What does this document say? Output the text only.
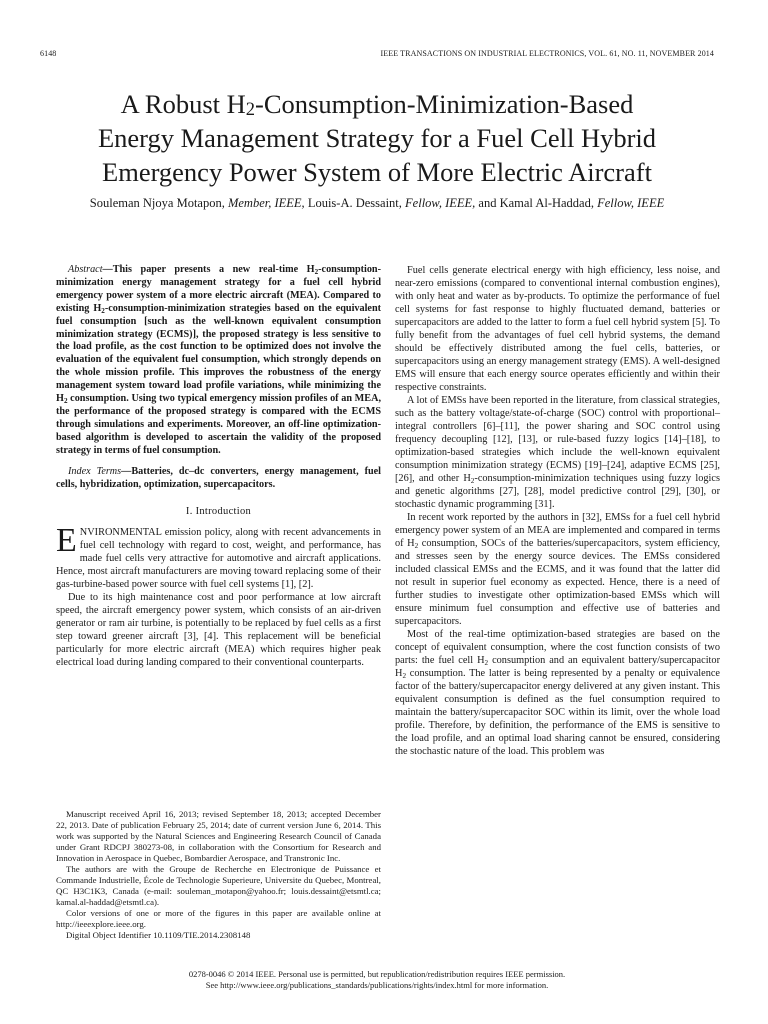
6148	IEEE TRANSACTIONS ON INDUSTRIAL ELECTRONICS, VOL. 61, NO. 11, NOVEMBER 2014
A Robust $H_2-Consumption-Minimization$-Based
Energy Management Strategy for a Fuel Cell Hybrid
Emergency Power System of More Electric Aircraft
Souleman Njoya Motapon, Member, IEEE, Louis-A. Dessaint, Fellow, IEEE, and Kamal Al-Haddad, Fellow, IEEE

Abstract—This paper presents a new real-time $H_2-consumption$-minimization energy management strategy for a fuel cell hybrid emergency power system of a more electric aircraft (MEA). Compared to existing $H_2-consumption$-minimization strategies based on the equivalent fuel consumption [such as the well-known equivalent consumption minimization strategy (ECMS)], the proposed strategy is less sensitive to the load profile, as the cost function to be optimized does not involve the evaluation of the equivalent fuel consumption, which strongly depends on the whole mission profile. This improves the robustness of the energy management system toward load profile variations, while minimizing the $H_2$ consumption. Using two typical emergency mission profiles of an MEA, the performance of the proposed strategy is compared with the ECMS through simulations and experiments. Moreover, an off-line optimization-based algorithm is developed to ascertain the validity of the proposed strategy in terms of fuel consumption.

Index Terms—Batteries, dc–dc converters, energy management, fuel cells, hybridization, optimization, supercapacitors.

I. Introduction

ENVIRONMENTAL emission policy, along with recent advancements in fuel cell technology with regard to cost, weight, and performance, has made fuel cells very attractive for automotive and aircraft applications. Hence, most aircraft manufacturers are moving toward replacing some of their gas-turbine-based power source with fuel cell systems [1], [2].

Due to its high maintenance cost and poor performance at low aircraft speed, the aircraft emergency power system, which consists of an air-driven generator or ram air turbine, is potentially to be replaced by fuel cells as a first step toward greener aircraft [3], [4]. This replacement will be beneficial particularly for more electric aircraft (MEA) which requires higher peak electrical load during landing compared to their conventional counterparts.

Manuscript received April 16, 2013; revised September 18, 2013; accepted December 22, 2013. Date of publication February 25, 2014; date of current version June 6, 2014. This work was supported by the Natural Sciences and Engineering Research Council of Canada under Grant RDCPJ 380273-08, in collaboration with the Consortium for Research and Innovation in Aerospace in Quebec, Bombardier Aerospace, and Transtronic Inc.

The authors are with the Groupe de Recherche en Electronique de Puissance et Commande Industrielle, École de Technologie Superieure, Universite du Quebec, Montreal, QC H3C1K3, Canada (e-mail: souleman_motapon@yahoo.fr; louis.dessaint@etsmtl.ca; kamal.al-haddad@etsmtl.ca).

Color versions of one or more of the figures in this paper are available online at http://ieeexplore.ieee.org.

Digital Object Identifier 10.1109/TIE.2014.2308148

Fuel cells generate electrical energy with high efficiency, less noise, and near-zero emissions (compared to conventional internal combustion engines), with only heat and water as by-products. To optimize the performance of fuel cell systems for fast response to highly fluctuated demand, batteries or supercapacitors are added to the latter to form a fuel cell hybrid system [5]. To fully benefit from the advantages of fuel cell hybrid systems, the demand should be effectively distributed among the fuel cells, batteries, or supercapacitors using an energy management strategy (EMS). A well-designed EMS will ensure that each energy source operates efficiently and within their respective constraints.

A lot of EMSs have been reported in the literature, from classical strategies, such as the battery voltage/state-of-charge (SOC) control with proportional–integral controllers [6]–[11], the power sharing and SOC control using frequency decoupling [12], [13], or rule-based fuzzy logics [14]–[18], to optimization-based strategies which include the well-known equivalent consumption minimization strategy (ECMS) [19]–[24], adaptive ECMS [25], [26], and other $H_2-consumption$-minimization techniques using fuzzy logics and genetic algorithms [27], [28], model predictive control [29], [30], or stochastic dynamic programming [31].

In recent work reported by the authors in [32], EMSs for a fuel cell hybrid emergency power system of an MEA are implemented and compared in terms of $H_2$ consumption, SOCs of the batteries/supercapacitors, system efficiency, and stresses seen by the energy source devices. The EMSs considered included classical EMSs and the ECMS, and it was found that the latter did not result in superior fuel economy as expected. Hence, there is a need of further studies to investigate other optimization-based EMSs which will ensure minimum fuel consumption and effective use of batteries and supercapacitors.

Most of the real-time optimization-based strategies are based on the concept of equivalent consumption, where the cost function consists of two parts: the fuel cell $H_2$ consumption and an equivalent battery/supercapacitor $H_2$ consumption. The latter is being represented by a penalty or equivalence factor of the battery/supercapacitor energy delivered at any given instant. This equivalent consumption is defined as the fuel consumption required to maintain the battery/supercapacitor SOC within its limit, over the whole load profile. Therefore, by definition, the performance of the EMS is sensitive to the load profile, and an optimal load sharing cannot be ensured, considering the stochastic nature of the load. This problem was

0278-0046 © 2014 IEEE. Personal use is permitted, but republication/redistribution requires IEEE permission.
See http://www.ieee.org/publications_standards/publications/rights/index.html for more information.
